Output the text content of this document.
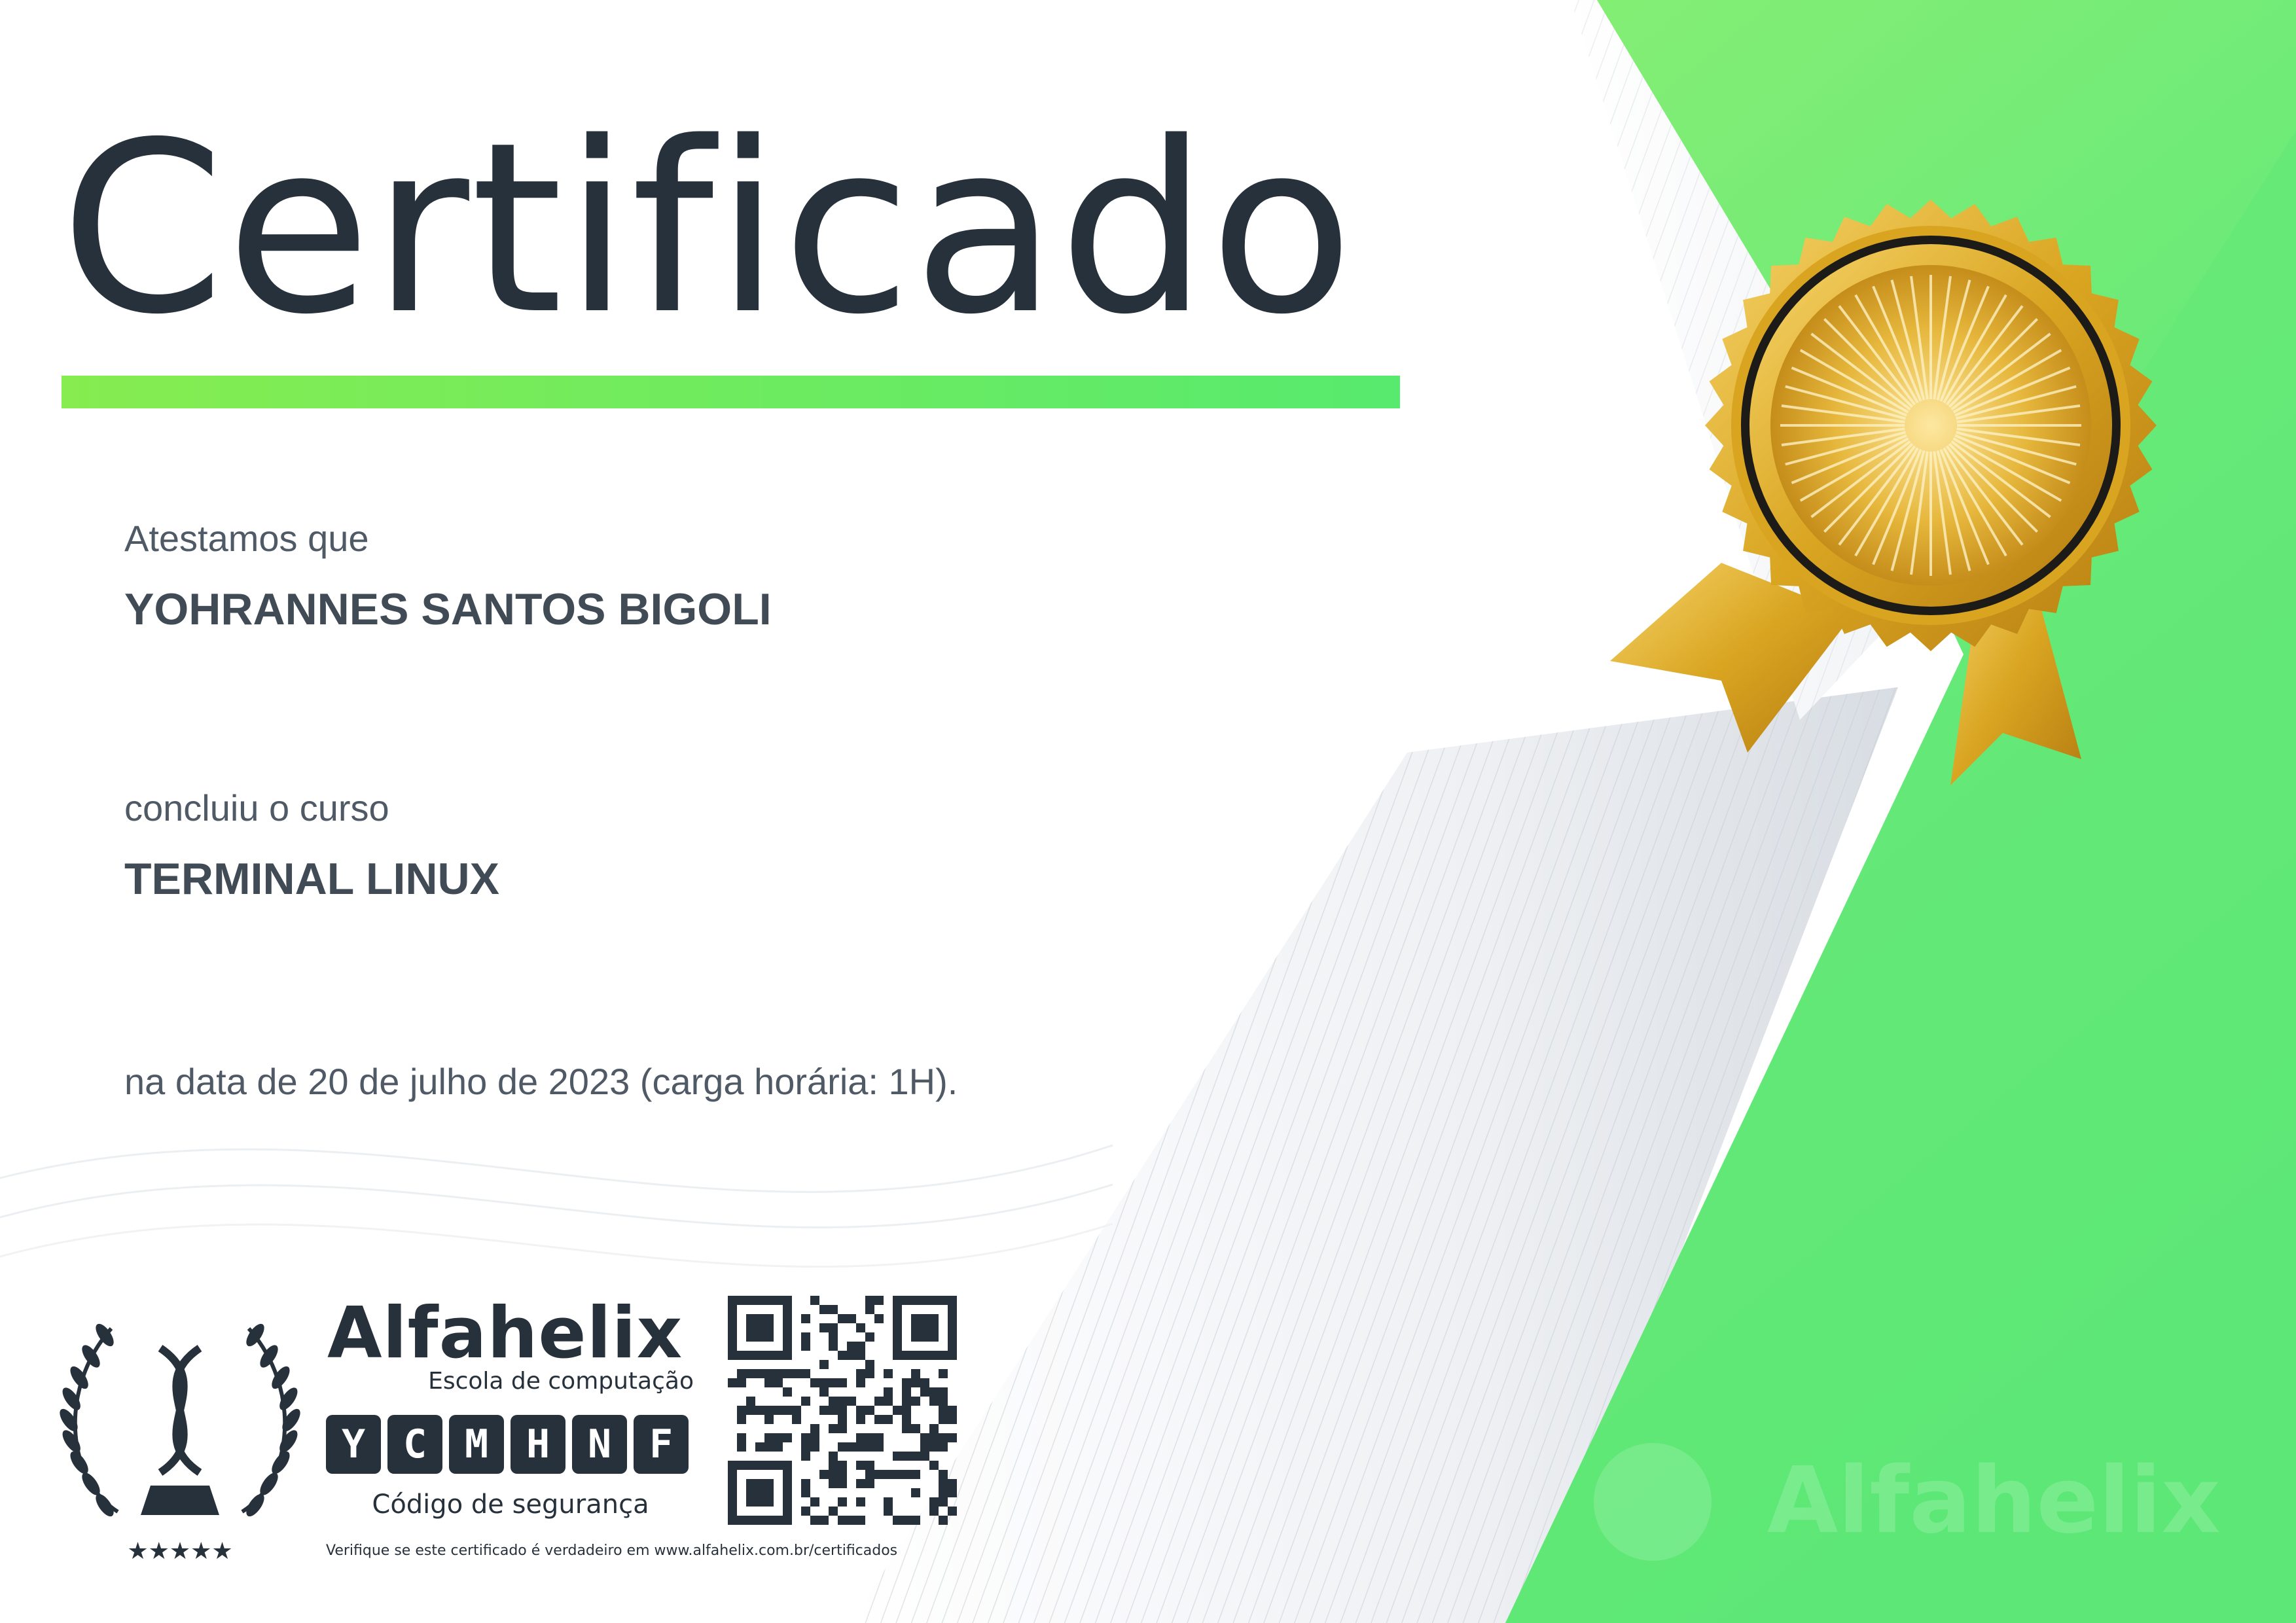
Certificado
Atestamos que
YOHRANNES SANTOS BIGOLI
concluiu o curso
TERMINAL LINUX
na data de 20 de julho de 2023 (carga horária: 1H).
★★★★★
Alfahelix
Escola de computação
Y C M H N F
Código de segurança
Verifique se este certificado é verdadeiro em www.alfahelix.com.br/certificados	Alfahelix
